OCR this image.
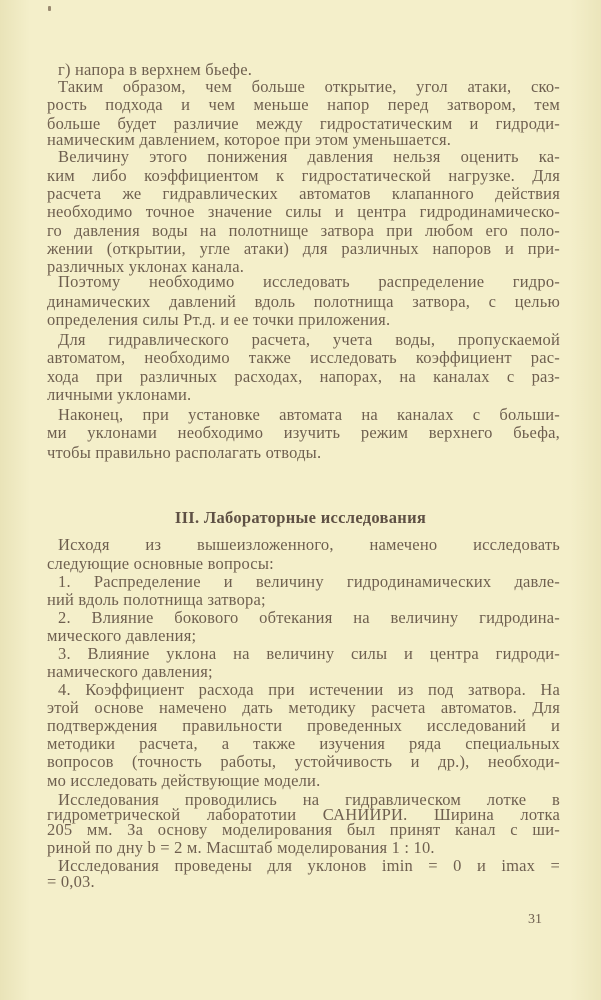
г) напора в верхнем бьефе.
Таким образом, чем больше открытие, угол атаки, ско-
рость подхода и чем меньше напор перед затвором, тем
больше будет различие между гидростатическим и гидроди-
намическим давлением, которое при этом уменьшается.
Величину этого понижения давления нельзя оценить ка-
ким либо коэффициентом к гидростатической нагрузке. Для
расчета же гидравлических автоматов клапанного действия
необходимо точное значение силы и центра гидродинамическо-
го давления воды на полотнище затвора при любом его поло-
жении (открытии, угле атаки) для различных напоров и при-
различных уклонах канала.
Поэтому необходимо исследовать распределение гидро-
динамических давлений вдоль полотнища затвора, с целью
определения силы Pт.д. и ее точки приложения.
Для гидравлического расчета, учета воды, пропускаемой
автоматом, необходимо также исследовать коэффициент рас-
хода при различных расходах, напорах, на каналах с раз-
личными уклонами.
Наконец, при установке автомата на каналах с больши-
ми уклонами необходимо изучить режим верхнего бьефа,
чтобы правильно располагать отводы.
III. Лабораторные исследования
Исходя из вышеизложенного, намечено исследовать
следующие основные вопросы:
1. Распределение и величину гидродинамических давле-
ний вдоль полотнища затвора;
2. Влияние бокового обтекания на величину гидродина-
мического давления;
3. Влияние уклона на величину силы и центра гидроди-
намического давления;
4. Коэффициент расхода при истечении из под затвора. На
этой основе намечено дать методику расчета автоматов. Для
подтверждения правильности проведенных исследований и
методики расчета, а также изучения ряда специальных
вопросов (точность работы, устойчивость и др.), необходи-
мо исследовать действующие модели.
Исследования проводились на гидравлическом лотке в
гидрометрической лаборатотии САНИИРИ. Ширина лотка
205 мм. За основу моделирования был принят канал с ши-
риной по дну b = 2 м. Масштаб моделирования 1 : 10.
Исследования проведены для уклонов imin = 0 и imax =
= 0,03.
31
